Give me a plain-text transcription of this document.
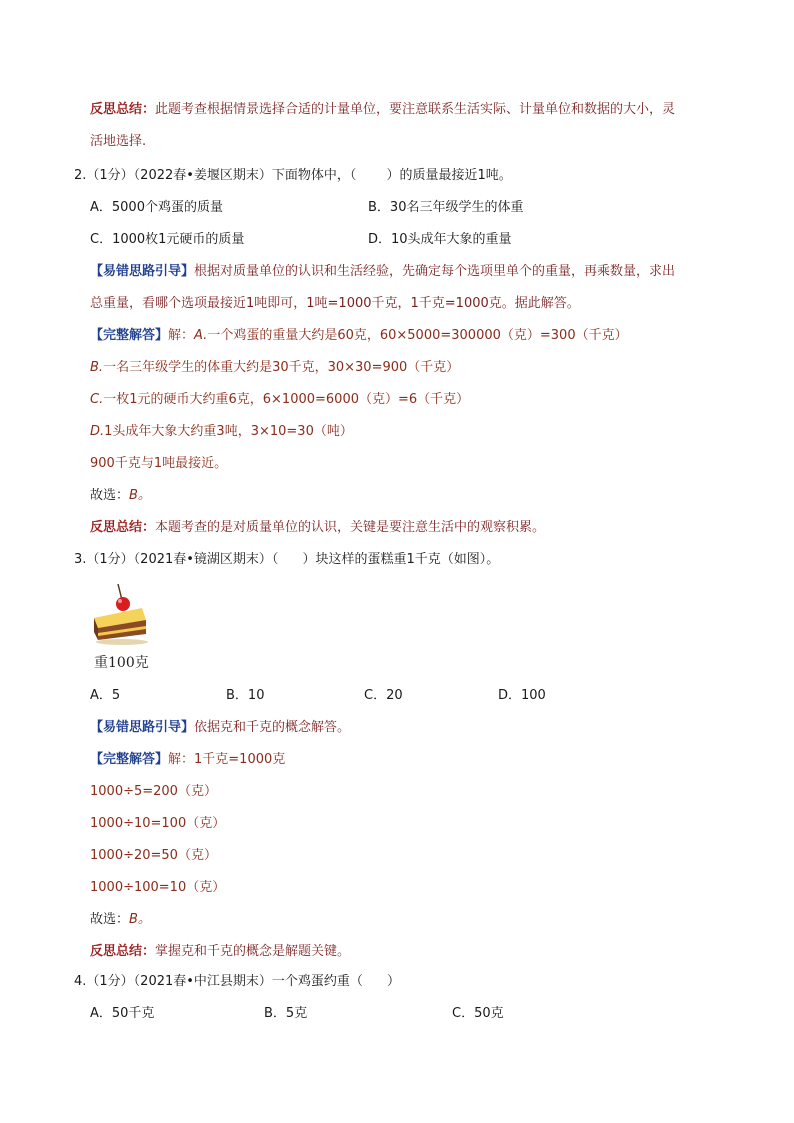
反思总结：此题考查根据情景选择合适的计量单位，要注意联系生活实际、计量单位和数据的大小，灵
活地选择.
2.（1分）（2022春•姜堰区期末）下面物体中，（ ）的质量最接近1吨。
A．5000个鸡蛋的质量	B．30名三年级学生的体重
C．1000枚1元硬币的质量	D．10头成年大象的重量
【易错思路引导】根据对质量单位的认识和生活经验，先确定每个选项里单个的重量，再乘数量，求出
总重量，看哪个选项最接近1吨即可，1吨=1000千克，1千克=1000克。据此解答。
【完整解答】解：A.一个鸡蛋的重量大约是60克，60×5000=300000（克）=300（千克）
B.一名三年级学生的体重大约是30千克，30×30=900（千克）
C.一枚1元的硬币大约重6克，6×1000=6000（克）=6（千克）
D.1头成年大象大约重3吨，3×10=30（吨）
900千克与1吨最接近。
故选：B。
反思总结：本题考查的是对质量单位的认识，关键是要注意生活中的观察积累。
3.（1分）（2021春•镜湖区期末）（ ）块这样的蛋糕重1千克（如图）。
重100克
A．5	B．10	C．20	D．100
【易错思路引导】依据克和千克的概念解答。
【完整解答】解：1千克=1000克
1000÷5=200（克）
1000÷10=100（克）
1000÷20=50（克）
1000÷100=10（克）
故选：B。
反思总结：掌握克和千克的概念是解题关键。
4.（1分）（2021春•中江县期末）一个鸡蛋约重（ ）
A．50千克	B．5克	C．50克
